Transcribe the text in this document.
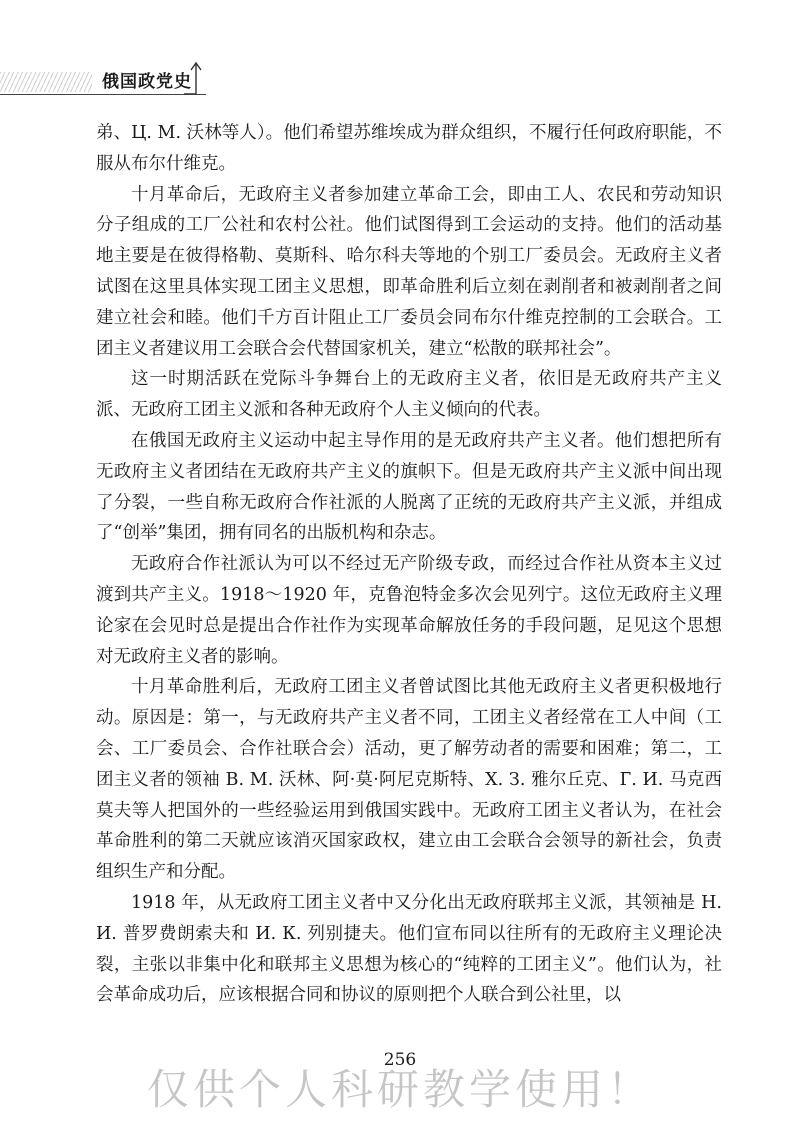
俄国政党史

弟、Ц. М. 沃林等人）。他们希望苏维埃成为群众组织，不履行任何政府职能，不服从布尔什维克。

十月革命后，无政府主义者参加建立革命工会，即由工人、农民和劳动知识分子组成的工厂公社和农村公社。他们试图得到工会运动的支持。他们的活动基地主要是在彼得格勒、莫斯科、哈尔科夫等地的个别工厂委员会。无政府主义者试图在这里具体实现工团主义思想，即革命胜利后立刻在剥削者和被剥削者之间建立社会和睦。他们千方百计阻止工厂委员会同布尔什维克控制的工会联合。工团主义者建议用工会联合会代替国家机关，建立“松散的联邦社会”。

这一时期活跃在党际斗争舞台上的无政府主义者，依旧是无政府共产主义派、无政府工团主义派和各种无政府个人主义倾向的代表。

在俄国无政府主义运动中起主导作用的是无政府共产主义者。他们想把所有无政府主义者团结在无政府共产主义的旗帜下。但是无政府共产主义派中间出现了分裂，一些自称无政府合作社派的人脱离了正统的无政府共产主义派，并组成了“创举”集团，拥有同名的出版机构和杂志。

无政府合作社派认为可以不经过无产阶级专政，而经过合作社从资本主义过渡到共产主义。1918～1920 年，克鲁泡特金多次会见列宁。这位无政府主义理论家在会见时总是提出合作社作为实现革命解放任务的手段问题，足见这个思想对无政府主义者的影响。

十月革命胜利后，无政府工团主义者曾试图比其他无政府主义者更积极地行动。原因是：第一，与无政府共产主义者不同，工团主义者经常在工人中间（工会、工厂委员会、合作社联合会）活动，更了解劳动者的需要和困难；第二，工团主义者的领袖 В. М. 沃林、阿·莫·阿尼克斯特、Х. З. 雅尔丘克、Г. И. 马克西莫夫等人把国外的一些经验运用到俄国实践中。无政府工团主义者认为，在社会革命胜利的第二天就应该消灭国家政权，建立由工会联合会领导的新社会，负责组织生产和分配。

1918 年，从无政府工团主义者中又分化出无政府联邦主义派，其领袖是 Н. И. 普罗费朗索夫和 И. К. 列别捷夫。他们宣布同以往所有的无政府主义理论决裂，主张以非集中化和联邦主义思想为核心的“纯粹的工团主义”。他们认为，社会革命成功后，应该根据合同和协议的原则把个人联合到公社里，以

256
仅供个人科研教学使用！
